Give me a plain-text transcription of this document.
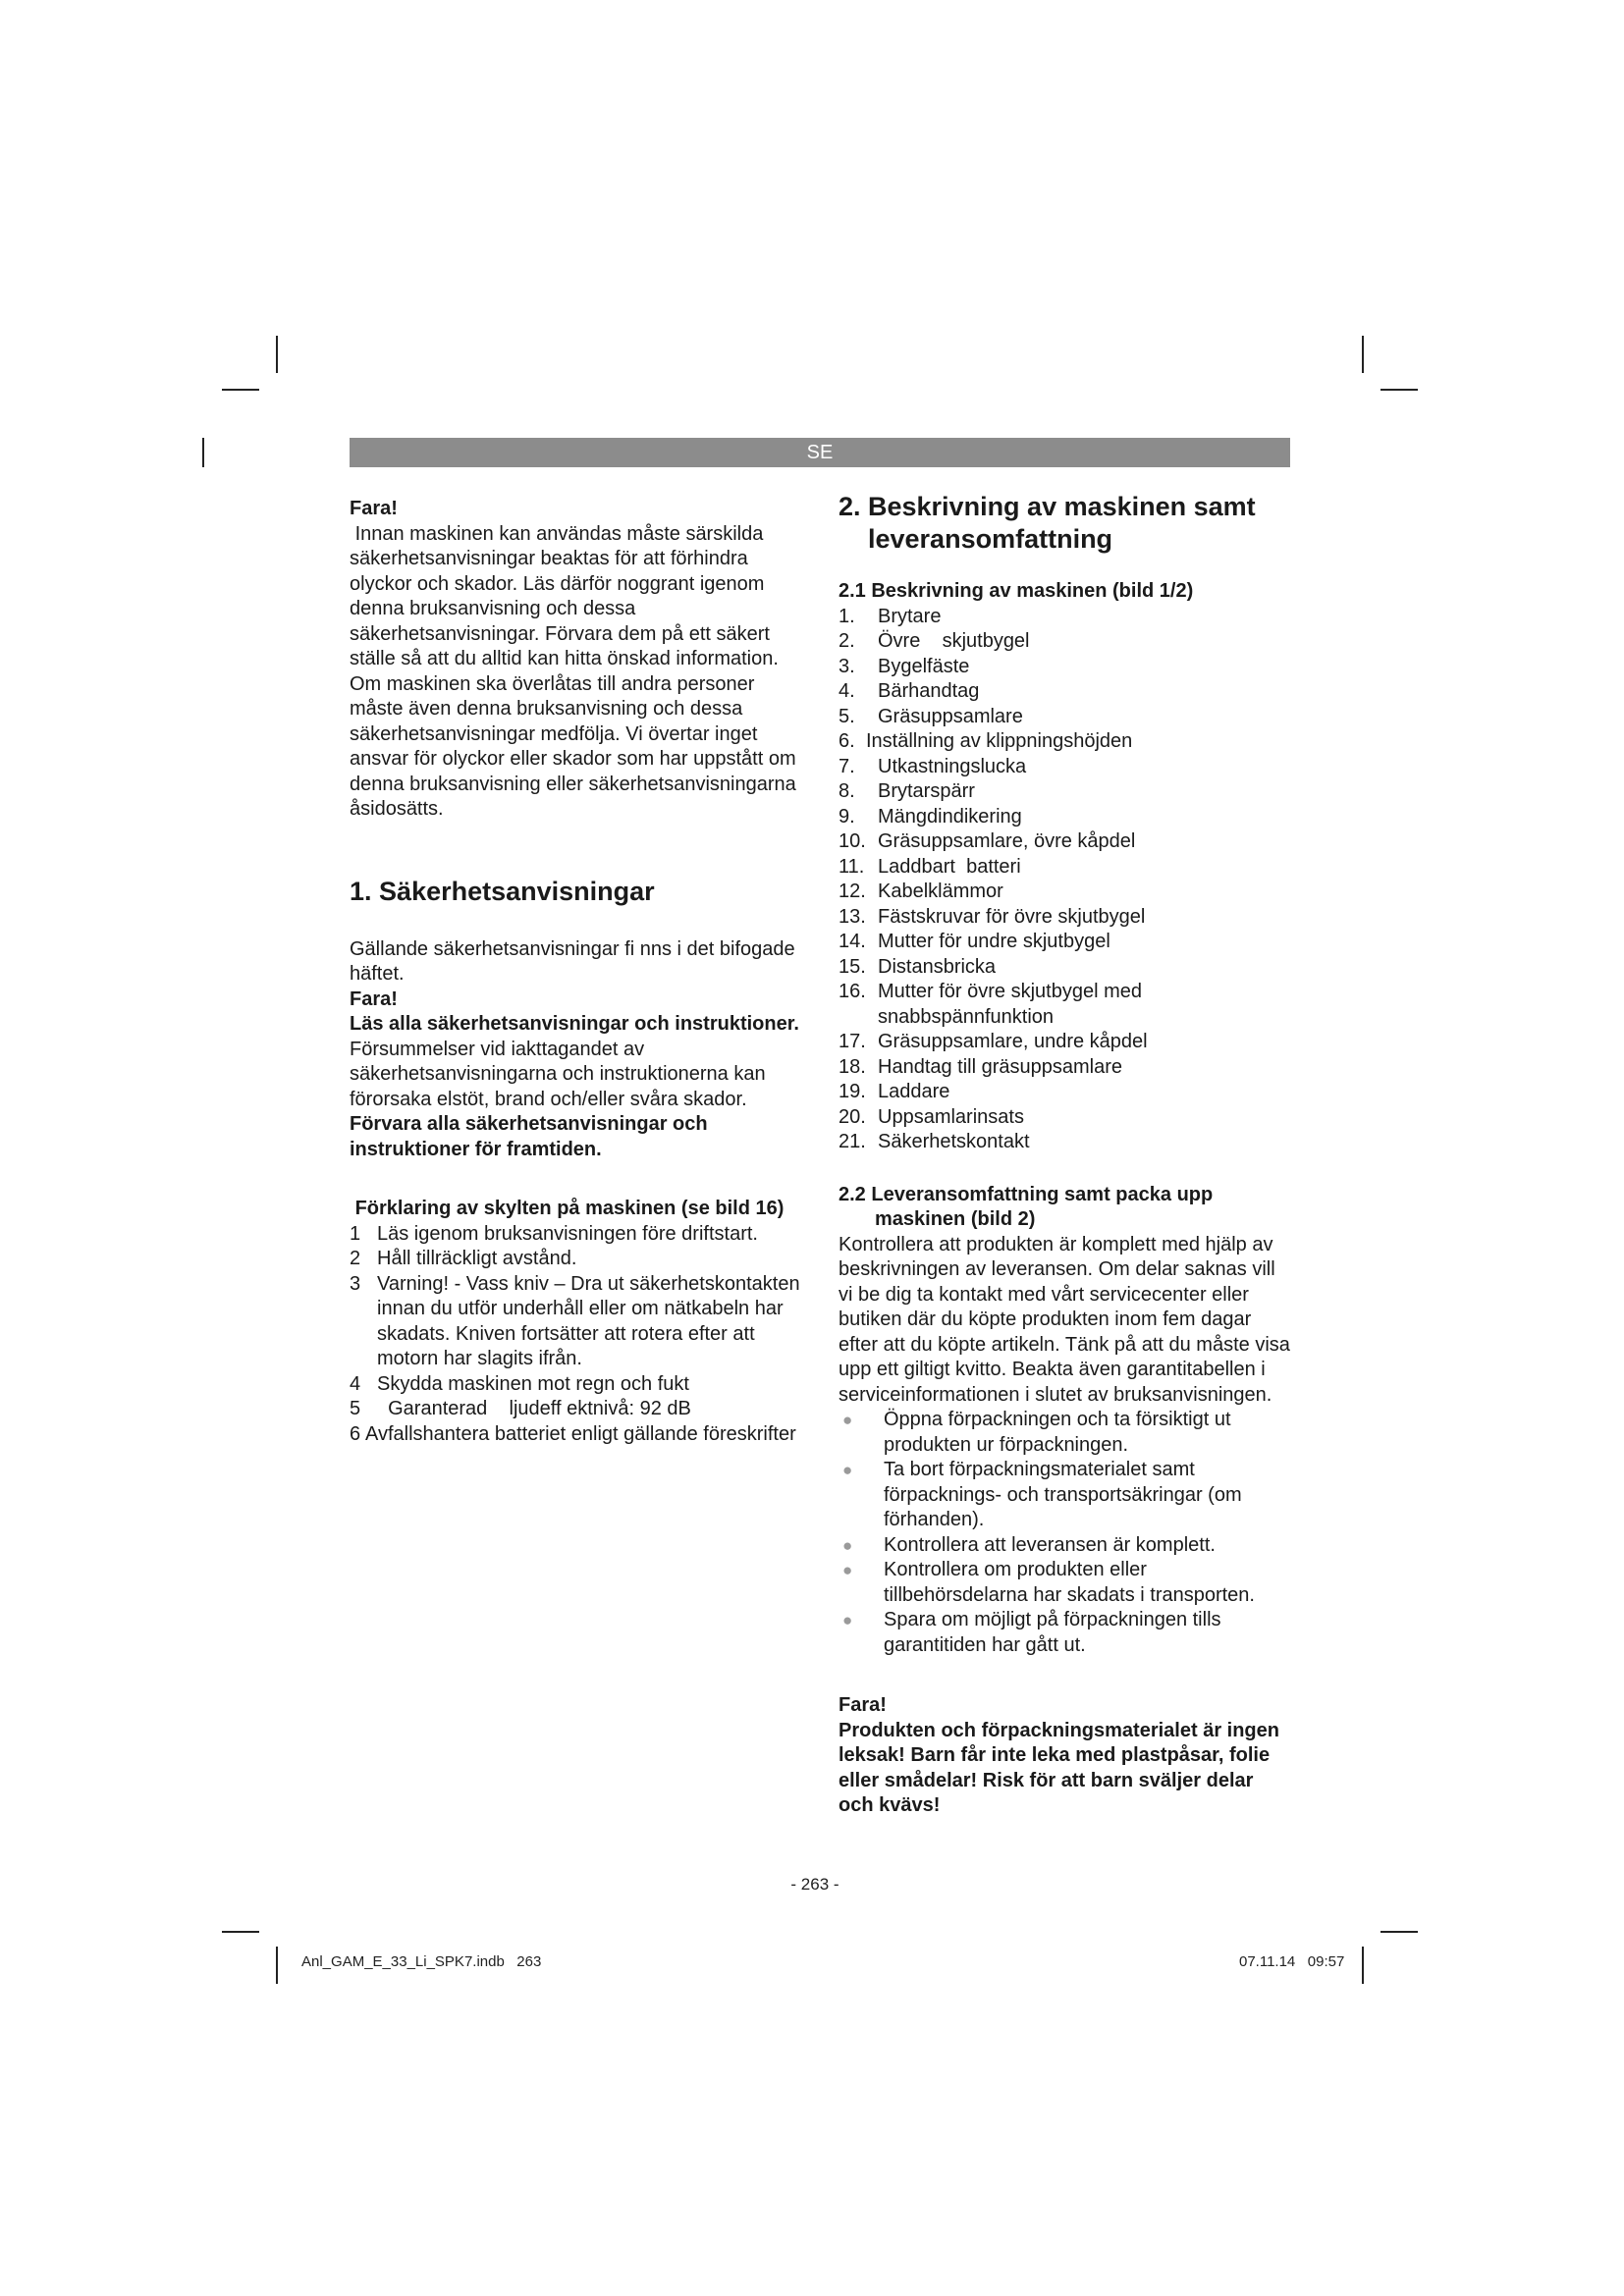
SE

Fara!

Innan maskinen kan användas måste särskilda säkerhetsanvisningar beaktas för att förhindra olyckor och skador. Läs därför noggrant igenom denna bruksanvisning och dessa säkerhetsanvisningar. Förvara dem på ett säkert ställe så att du alltid kan hitta önskad information. Om maskinen ska överlåtas till andra personer måste även denna bruksanvisning och dessa säkerhetsanvisningar medfölja. Vi övertar inget ansvar för olyckor eller skador som har uppstått om denna bruksanvisning eller säkerhetsanvisningarna åsidosätts.

1. Säkerhetsanvisningar

Gällande säkerhetsanvisningar fi nns i det bifogade häftet.

Fara!

Läs alla säkerhetsanvisningar och instruktioner. Försummelser vid iakttagandet av säkerhetsanvisningarna och instruktionerna kan förorsaka elstöt, brand och/eller svåra skador. Förvara alla säkerhetsanvisningar och instruktioner för framtiden.

Förklaring av skylten på maskinen (se bild 16)

1 Läs igenom bruksanvisningen före driftstart.
2 Håll tillräckligt avstånd.
3 Varning! - Vass kniv – Dra ut säkerhetskontakten innan du utför underhåll eller om nätkabeln har skadats. Kniven fortsätter att rotera efter att motorn har slagits ifrån.
4 Skydda maskinen mot regn och fukt
5 Garanterad    ljudeff ektnivå: 92 dB
6 Avfallshantera batteriet enligt gällande föreskrifter
2. Beskrivning av maskinen samt leveransomfattning

2.1 Beskrivning av maskinen (bild 1/2)

1.	Brytare
2.	Övre    skjutbygel
3.	Bygelfäste
4.	Bärhandtag
5.	Gräsuppsamlare
6. Inställning av klippningshöjden
7.	Utkastningslucka
8.	Brytarspärr
9.	Mängdindikering
10. Gräsuppsamlare, övre kåpdel
11. Laddbart  batteri
12. Kabelklämmor
13. Fästskruvar för övre skjutbygel
14. Mutter för undre skjutbygel
15. Distansbricka
16. Mutter för övre skjutbygel med snabbspännfunktion
17. Gräsuppsamlare, undre kåpdel
18. Handtag till gräsuppsamlare
19. Laddare
20. Uppsamlarinsats
21. Säkerhetskontakt

2.2 Leveransomfattning samt packa upp maskinen (bild 2)

Kontrollera att produkten är komplett med hjälp av beskrivningen av leveransen. Om delar saknas vill vi be dig ta kontakt med vårt servicecenter eller butiken där du köpte produkten inom fem dagar efter att du köpte artikeln. Tänk på att du måste visa upp ett giltigt kvitto. Beakta även garantitabellen i serviceinformationen i slutet av bruksanvisningen.

●	Öppna förpackningen och ta försiktigt ut produkten ur förpackningen.
●	Ta bort förpackningsmaterialet samt förpacknings- och transportsäkringar (om förhanden).
●	Kontrollera att leveransen är komplett.
●	Kontrollera om produkten eller tillbehörsdelarna har skadats i transporten.
●	Spara om möjligt på förpackningen tills garantitiden har gått ut.

Fara!

Produkten och förpackningsmaterialet är ingen leksak! Barn får inte leka med plastpåsar, folie eller smådelar! Risk för att barn sväljer delar och kvävs!

- 263 -
Anl_GAM_E_33_Li_SPK7.indb   263	07.11.14   09:57
